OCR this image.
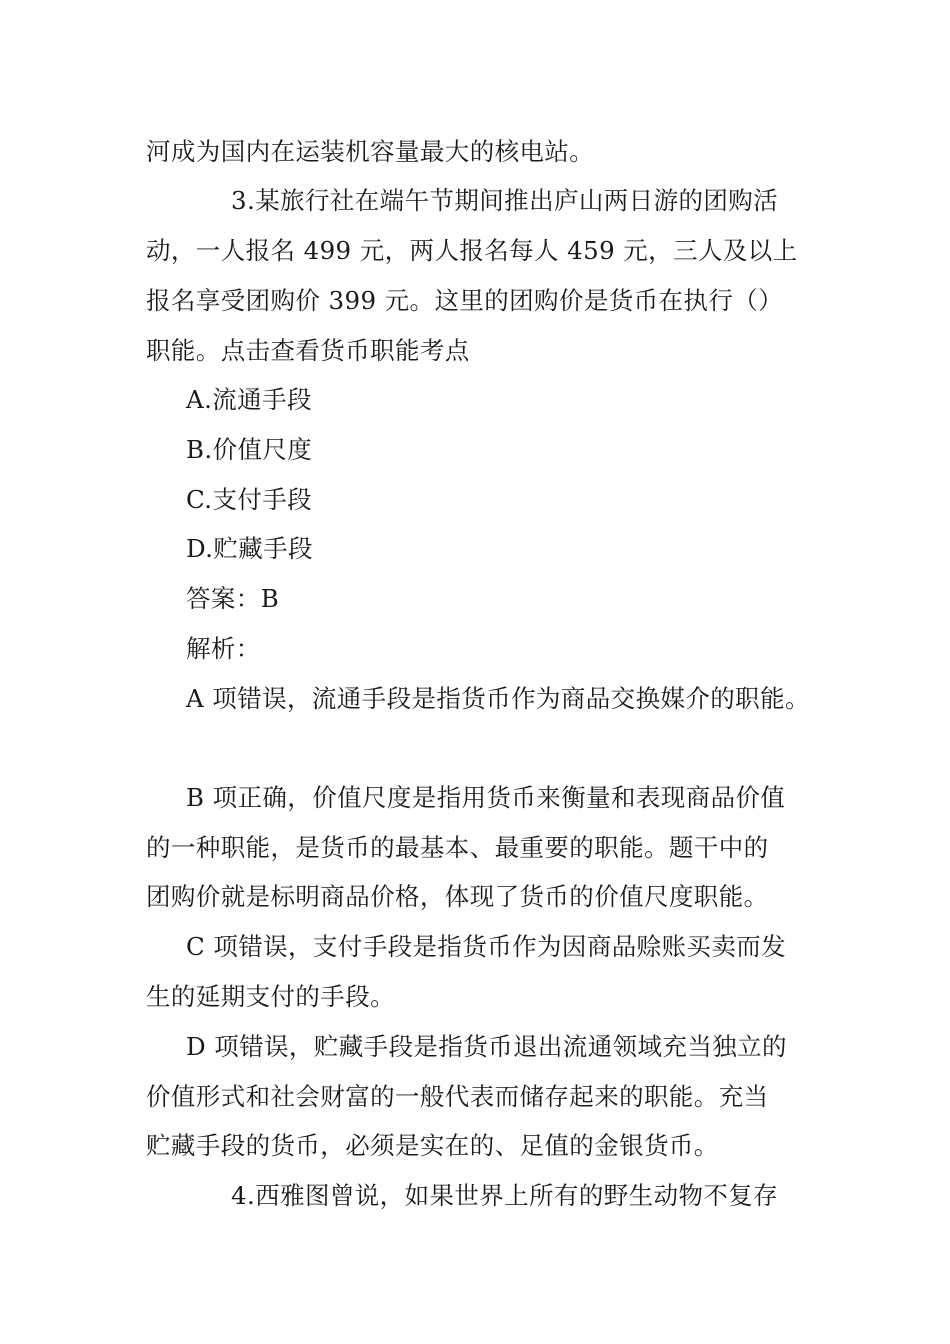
河成为国内在运装机容量最大的核电站。
3.某旅行社在端午节期间推出庐山两日游的团购活
动，一人报名 499 元，两人报名每人 459 元，三人及以上
报名享受团购价 399 元。这里的团购价是货币在执行（）
职能。点击查看货币职能考点
A.流通手段
B.价值尺度
C.支付手段
D.贮藏手段
答案：B
解析：
A 项错误，流通手段是指货币作为商品交换媒介的职能。
B 项正确，价值尺度是指用货币来衡量和表现商品价值
的一种职能，是货币的最基本、最重要的职能。题干中的
团购价就是标明商品价格，体现了货币的价值尺度职能。
C 项错误，支付手段是指货币作为因商品赊账买卖而发
生的延期支付的手段。
D 项错误，贮藏手段是指货币退出流通领域充当独立的
价值形式和社会财富的一般代表而储存起来的职能。充当
贮藏手段的货币，必须是实在的、足值的金银货币。
4.西雅图曾说，如果世界上所有的野生动物不复存
